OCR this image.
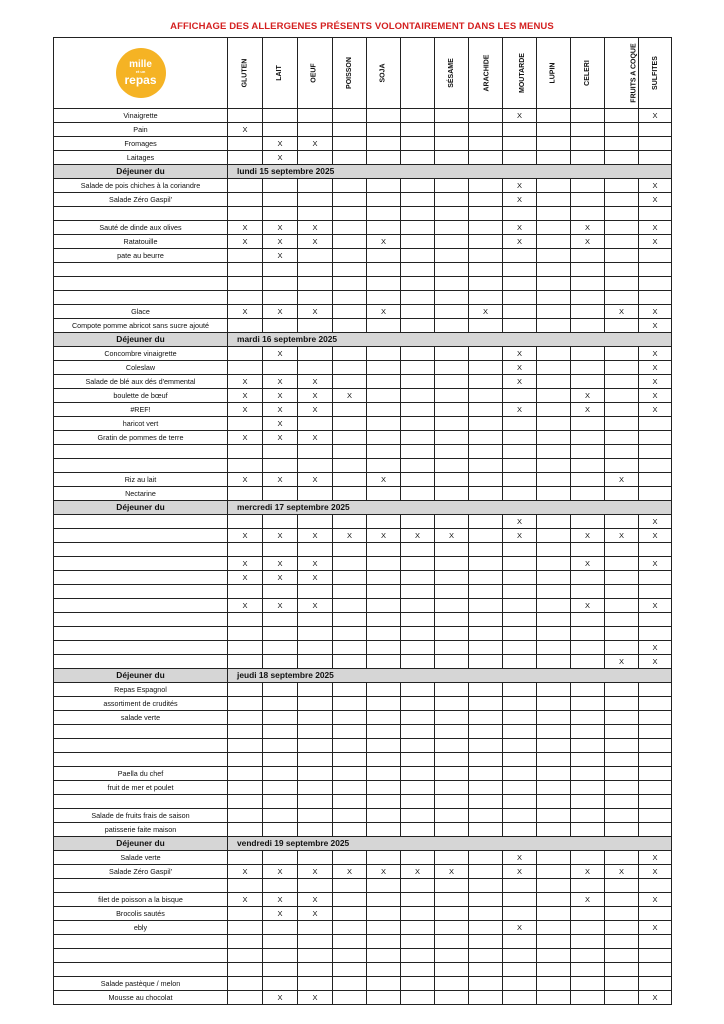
AFFICHAGE DES ALLERGENES PRÉSENTS VOLONTAIREMENT DANS LES MENUS
mille
et un
repas	GLUTEN	LAIT	OEUF	POISSON	SOJA		SÉSAME	ARACHIDE	MOUTARDE	LUPIN	CELERI	FRUITS A COQUE	SULFITES
Vinaigrette									X				X
Pain	X												
Fromages		X	X										
Laitages		X											
Déjeuner du	lundi 15 septembre 2025												
Salade de pois chiches à la coriandre									X				X
Salade Zéro Gaspil'									X				X

Sauté de dinde aux olives	X	X	X						X		X		X
Ratatouille	X	X	X		X				X		X		X
pate au beurre		X											

Glace	X	X	X		X			X				X	X
Compote pomme abricot sans sucre ajouté													X
Déjeuner du	mardi 16 septembre 2025												
Concombre vinaigrette		X							X				X
Coleslaw									X				X
Salade de blé aux dés d'emmental	X	X	X						X				X
boulette de bœuf	X	X	X	X							X		X
#REF!	X	X	X						X		X		X
haricot vert		X											
Gratin de pommes de terre	X	X	X										

Riz au lait	X	X	X		X							X	
Nectarine													
Déjeuner du	mercredi 17 septembre 2025												
									X				X
	X	X	X	X	X	X	X		X		X	X	X

	X	X	X								X		X
	X	X	X										

	X	X	X								X		X

													X
												X	X
Déjeuner du	jeudi 18 septembre 2025												
Repas Espagnol													
assortiment de crudités													
salade verte													

Paella du chef													
fruit de mer et poulet													

Salade de fruits frais de saison													
patisserie faite maison													
Déjeuner du	vendredi 19 septembre 2025												
Salade verte									X				X
Salade Zéro Gaspil'	X	X	X	X	X	X	X		X		X	X	X

filet de poisson a la bisque	X	X	X								X		X
Brocolis sautés		X	X										
ebly									X				X

Salade pastèque / melon													
Mousse au chocolat		X	X										X
